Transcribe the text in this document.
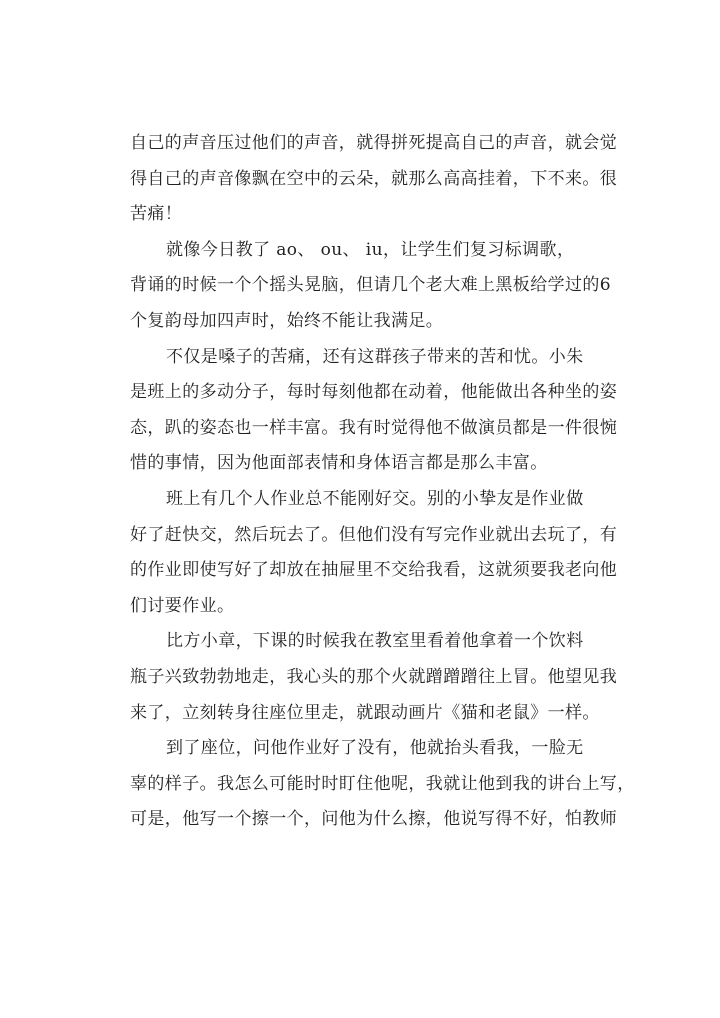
自己的声音压过他们的声音，就得拼死提高自己的声音，就会觉
得自己的声音像飘在空中的云朵，就那么高高挂着，下不来。很
苦痛！
就像今日教了 ao、 ou、 iu，让学生们复习标调歌，
背诵的时候一个个摇头晃脑，但请几个老大难上黑板给学过的6
个复韵母加四声时，始终不能让我满足。
不仅是嗓子的苦痛，还有这群孩子带来的苦和忧。小朱
是班上的多动分子，每时每刻他都在动着，他能做出各种坐的姿
态，趴的姿态也一样丰富。我有时觉得他不做演员都是一件很惋
惜的事情，因为他面部表情和身体语言都是那么丰富。
班上有几个人作业总不能刚好交。别的小挚友是作业做
好了赶快交，然后玩去了。但他们没有写完作业就出去玩了，有
的作业即使写好了却放在抽屉里不交给我看，这就须要我老向他
们讨要作业。
比方小章，下课的时候我在教室里看着他拿着一个饮料
瓶子兴致勃勃地走，我心头的那个火就蹭蹭蹭往上冒。他望见我
来了，立刻转身往座位里走，就跟动画片《猫和老鼠》一样。
到了座位，问他作业好了没有，他就抬头看我，一脸无
辜的样子。我怎么可能时时盯住他呢，我就让他到我的讲台上写，
可是，他写一个擦一个，问他为什么擦，他说写得不好，怕教师
